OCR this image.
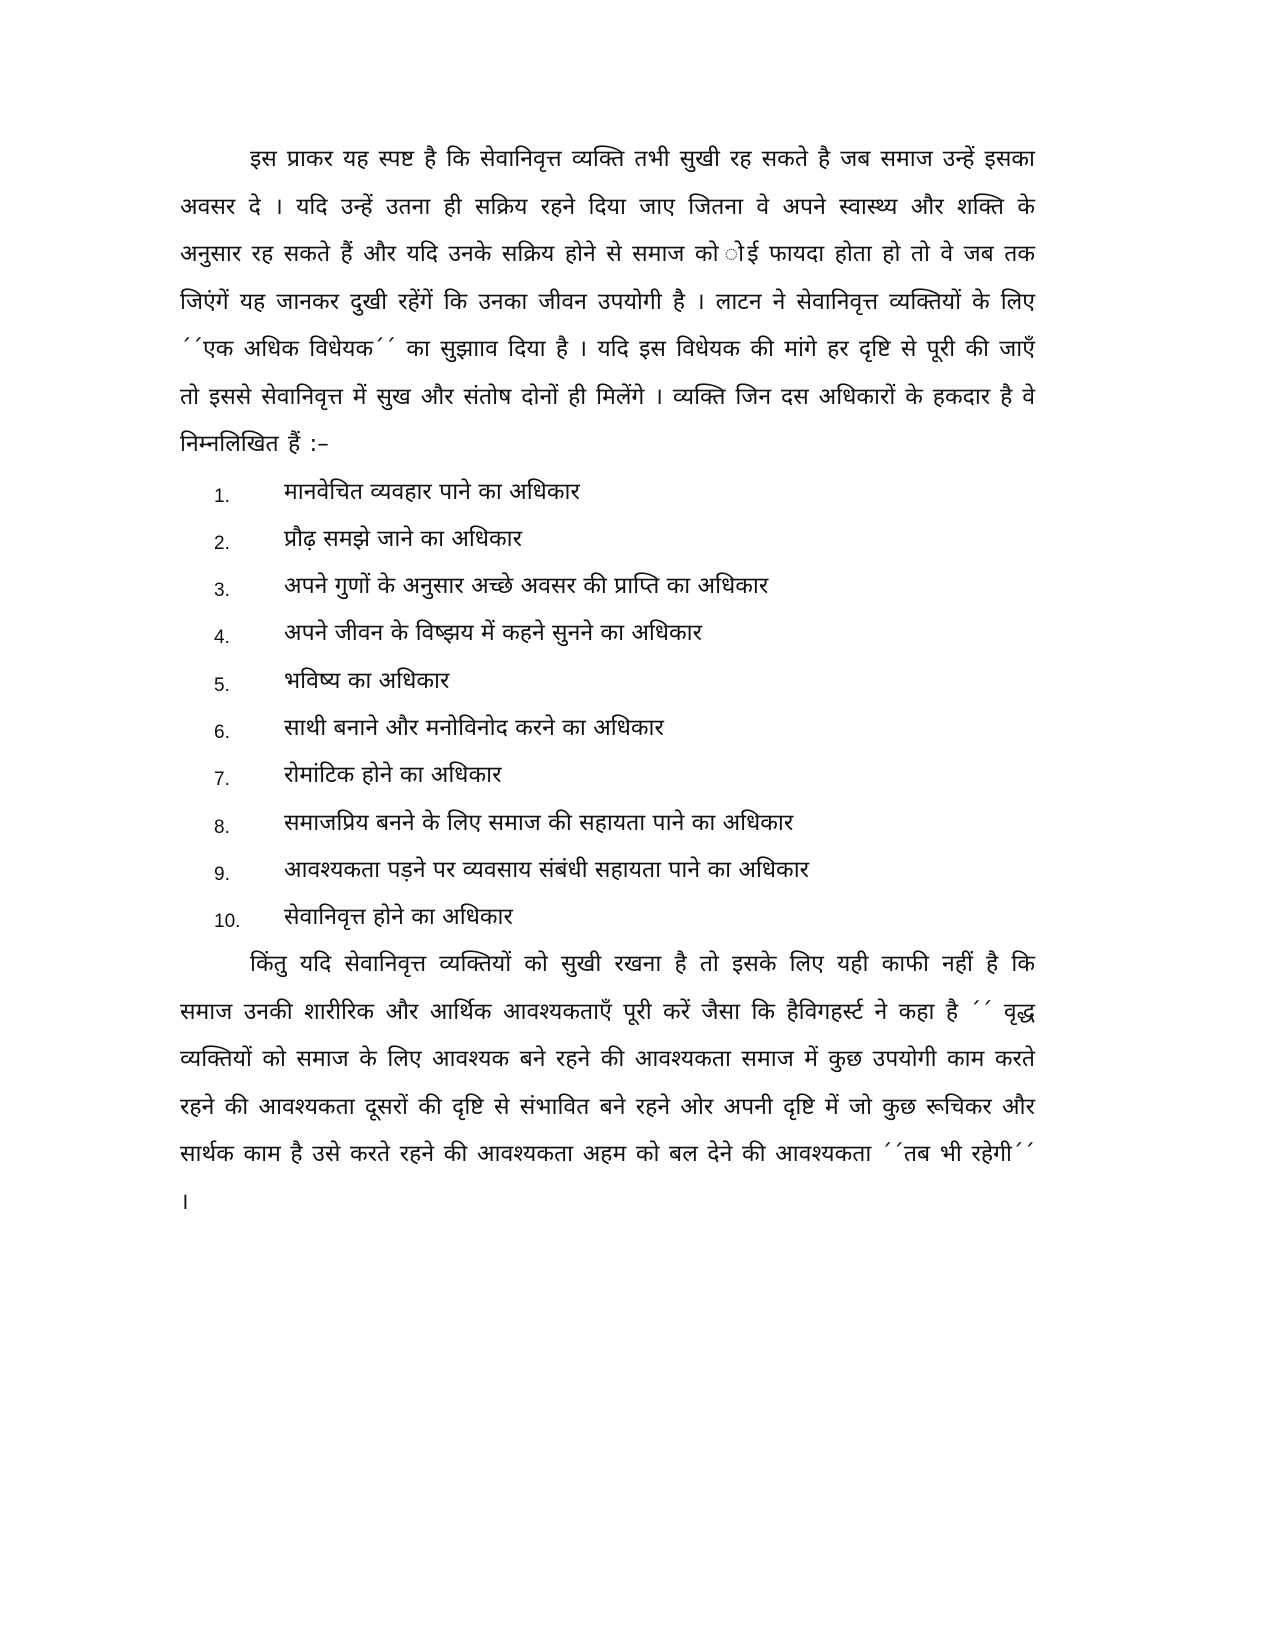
इस प्राकर यह स्पष्ट है कि सेवानिवृत्त व्यक्ति तभी सुखी रह सकते है जब समाज उन्हें इसका अवसर दे । यदि उन्हें उतना ही सक्रिय रहने दिया जाए जितना वे अपने स्वास्थ्य और शक्ति के अनुसार रह सकते हैं और यदि उनके सक्रिय होने से समाज को ोई फायदा होता हो तो वे जब तक जिएंगें यह जानकर दुखी रहेंगें कि उनका जीवन उपयोगी है । लाटन ने सेवानिवृत्त व्यक्तियों के लिए ´´एक अधिक विधेयक´´ का सुझााव दिया है । यदि इस विधेयक की मांगे हर दृष्टि से पूरी की जाएँ तो इससे सेवानिवृत्त में सुख और संतोष दोनों ही मिलेंगे । व्यक्ति जिन दस अधिकारों के हकदार है वे निम्नलिखित हैं :–

1. मानवेचित व्यवहार पाने का अधिकार
2. प्रौढ़ समझे जाने का अधिकार
3. अपने गुणों के अनुसार अच्छे अवसर की प्राप्ति का अधिकार
4. अपने जीवन के विष्झय में कहने सुनने का अधिकार
5. भविष्य का अधिकार
6. साथी बनाने और मनोविनोद करने का अधिकार
7. रोमांटिक होने का अधिकार
8. समाजप्रिय बनने के लिए समाज की सहायता पाने का अधिकार
9. आवश्यकता पड़ने पर व्यवसाय संबंधी सहायता पाने का अधिकार
10. सेवानिवृत्त होने का अधिकार

किंतु यदि सेवानिवृत्त व्यक्तियों को सुखी रखना है तो इसके लिए यही काफी नहीं है कि समाज उनकी शारीरिक और आर्थिक आवश्यकताएँ पूरी करें जैसा कि हैविगहर्स्ट ने कहा है ´´ वृद्ध व्यक्तियों को समाज के लिए आवश्यक बने रहने की आवश्यकता समाज में कुछ उपयोगी काम करते रहने की आवश्यकता दूसरों की दृष्टि से संभावित बने रहने ओर अपनी दृष्टि में जो कुछ रूचिकर और सार्थक काम है उसे करते रहने की आवश्यकता अहम को बल देने की आवश्यकता ´´तब भी रहेगी´´ ।
